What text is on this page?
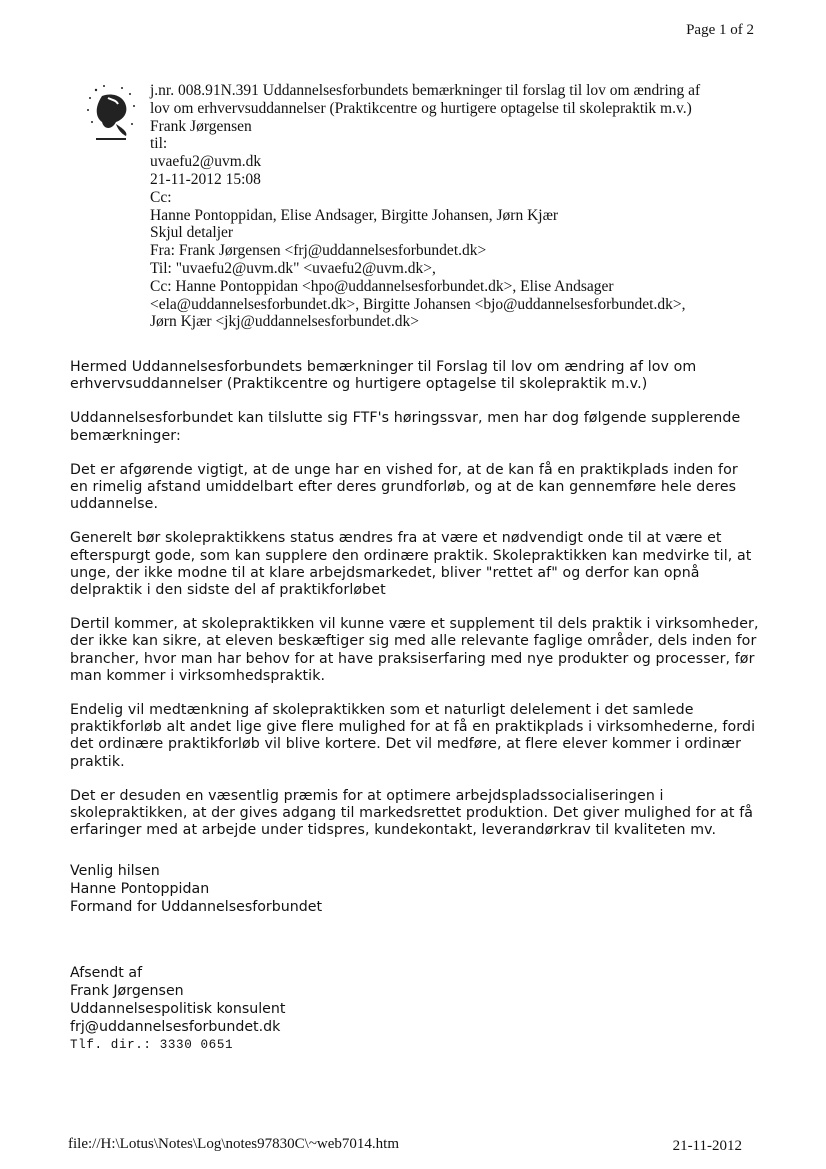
Page 1 of 2
j.nr. 008.91N.391 Uddannelsesforbundets bemærkninger til forslag til lov om ændring af
lov om erhvervsuddannelser (Praktikcentre og hurtigere optagelse til skolepraktik m.v.)
Frank Jørgensen
til:
uvaefu2@uvm.dk
21-11-2012 15:08
Cc:
Hanne Pontoppidan, Elise Andsager, Birgitte Johansen, Jørn Kjær
Skjul detaljer
Fra: Frank Jørgensen <frj@uddannelsesforbundet.dk>
Til: "uvaefu2@uvm.dk" <uvaefu2@uvm.dk>,
Cc: Hanne Pontoppidan <hpo@uddannelsesforbundet.dk>, Elise Andsager
<ela@uddannelsesforbundet.dk>, Birgitte Johansen <bjo@uddannelsesforbundet.dk>,
Jørn Kjær <jkj@uddannelsesforbundet.dk>

Hermed Uddannelsesforbundets bemærkninger til Forslag til lov om ændring af lov om erhvervsuddannelser (Praktikcentre og hurtigere optagelse til skolepraktik m.v.)

Uddannelsesforbundet kan tilslutte sig FTF's høringssvar, men har dog følgende supplerende bemærkninger:

Det er afgørende vigtigt, at de unge har en vished for, at de kan få en praktikplads inden for en rimelig afstand umiddelbart efter deres grundforløb, og at de kan gennemføre hele deres uddannelse.

Generelt bør skolepraktikkens status ændres fra at være et nødvendigt onde til at være et efterspurgt gode, som kan supplere den ordinære praktik. Skolepraktikken kan medvirke til, at unge, der ikke modne til at klare arbejdsmarkedet, bliver "rettet af" og derfor kan opnå delpraktik i den sidste del af praktikforløbet

Dertil kommer, at skolepraktikken vil kunne være et supplement til dels praktik i virksomheder, der ikke kan sikre, at eleven beskæftiger sig med alle relevante faglige områder, dels inden for brancher, hvor man har behov for at have praksiserfaring med nye produkter og processer, før man kommer i virksomhedspraktik.

Endelig vil medtænkning af skolepraktikken som et naturligt delelement i det samlede praktikforløb alt andet lige give flere mulighed for at få en praktikplads i virksomhederne, fordi det ordinære praktikforløb vil blive kortere. Det vil medføre, at flere elever kommer i ordinær praktik.

Det er desuden en væsentlig præmis for at optimere arbejdspladssocialiseringen i skolepraktikken, at der gives adgang til markedsrettet produktion. Det giver mulighed for at få erfaringer med at arbejde under tidspres, kundekontakt, leverandørkrav til kvaliteten mv.

Venlig hilsen
Hanne Pontoppidan
Formand for Uddannelsesforbundet
Afsendt af
Frank Jørgensen
Uddannelsespolitisk konsulent
frj@uddannelsesforbundet.dk
Tlf. dir.: 3330 0651
file://H:\Lotus\Notes\Log\notes97830C\~web7014.htm	21-11-2012
